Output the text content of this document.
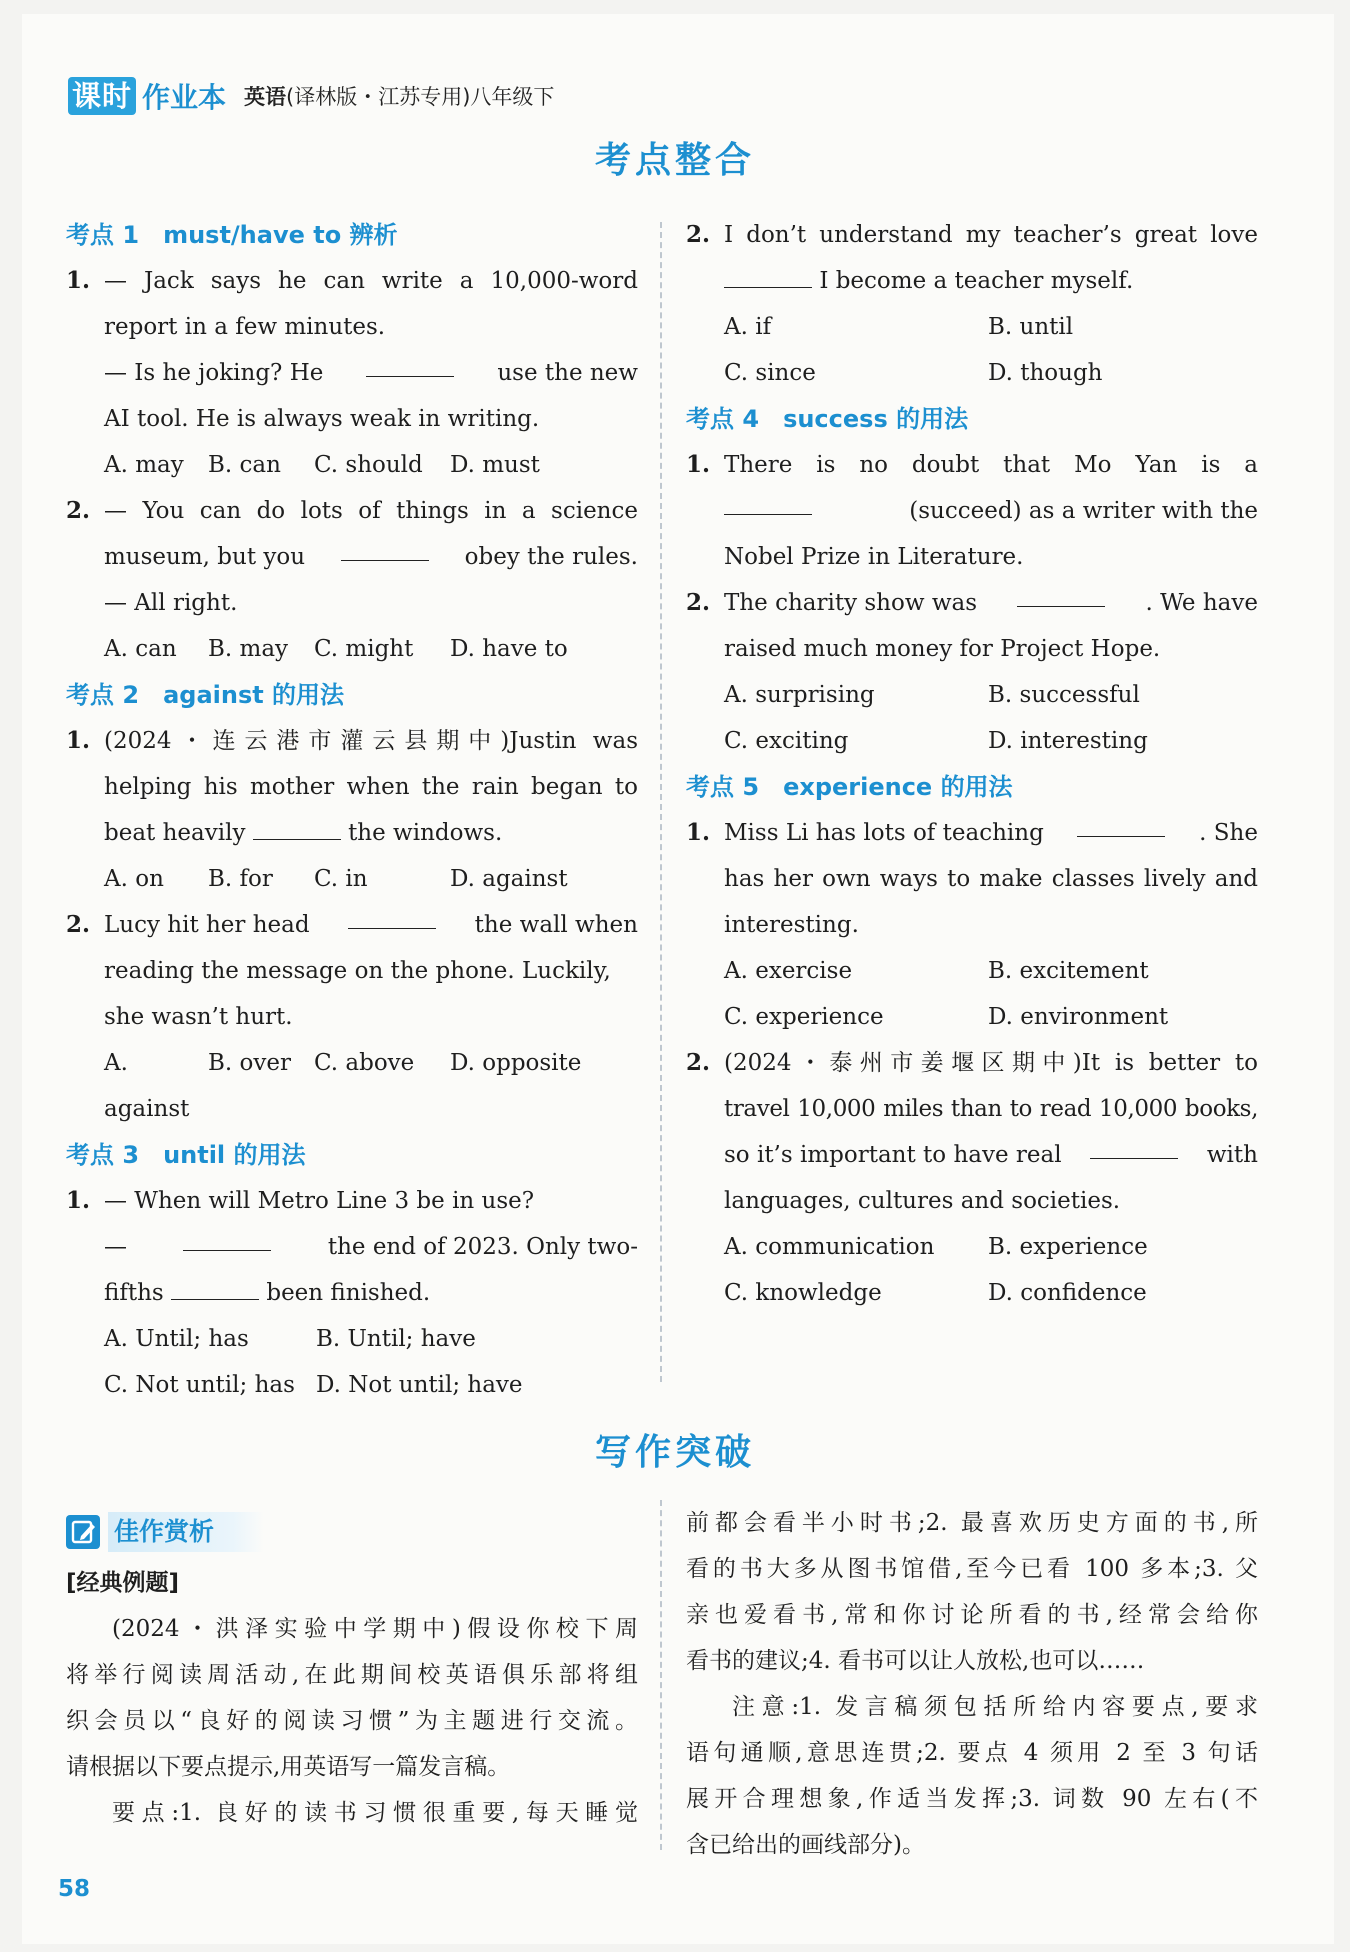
课时 作业本 英语(译林版・江苏专用)八年级下
考点整合
考点 1 must/have to 辨析
1. — Jack says he can write a 10,000-word
report in a few minutes.
— Is he joking? He	use the new
AI tool. He is always weak in writing.
A. may	B. can	C. should	D. must
2. — You can do lots of things in a science
museum, but you	obey the rules.
— All right.
A. can	B. may	C. might	D. have to
考点 2 against 的用法
1. (2024・连云港市灌云县期中)Justin was
helping his mother when the rain began to
beat heavily	the windows.
A. on	B. for	C. in	D. against
2. Lucy hit her head	the wall when
reading the message on the phone. Luckily,
she wasn’t hurt.
A. against
B. over	C. above	D. opposite
考点 3 until 的用法
1. — When will Metro Line 3 be in use?
—	the end of 2023. Only two-
fifths	been finished.
A. Until; has	B. Until; have
C. Not until; has D. Not until; have
2. I don’t understand my teacher’s great love
I become a teacher myself.
A. if	B. until
C. since	D. though
考点 4 success 的用法
1. There is no doubt that Mo Yan is a
(succeed) as a writer with the
Nobel Prize in Literature.
2. The charity show was	. We have
raised much money for Project Hope.
A. surprising	B. successful
C. exciting	D. interesting
考点 5 experience 的用法
1. Miss Li has lots of teaching	. She
has her own ways to make classes lively and
interesting.
A. exercise	B. excitement
C. experience	D. environment
2. (2024・泰州市姜堰区期中)It is better to
travel 10,000 miles than to read 10,000 books,
so it’s important to have real	with
languages, cultures and societies.
A. communication	B. experience
C. knowledge	D. confidence
写作突破
佳作赏析
[经典例题]
(2024・洪泽实验中学期中)假设你校下周
将举行阅读周活动,在此期间校英语俱乐部将组
织会员以“良好的阅读习惯”为主题进行交流。
请根据以下要点提示,用英语写一篇发言稿。
要点:1. 良好的读书习惯很重要,每天睡觉
前都会看半小时书;2. 最喜欢历史方面的书,所
看的书大多从图书馆借,至今已看 100 多本;3. 父
亲也爱看书,常和你讨论所看的书,经常会给你
看书的建议;4. 看书可以让人放松,也可以……
注意:1. 发言稿须包括所给内容要点,要求
语句通顺,意思连贯;2. 要点 4 须用 2 至 3 句话
展开合理想象,作适当发挥;3. 词数 90 左右(不
含已给出的画线部分)。
58
